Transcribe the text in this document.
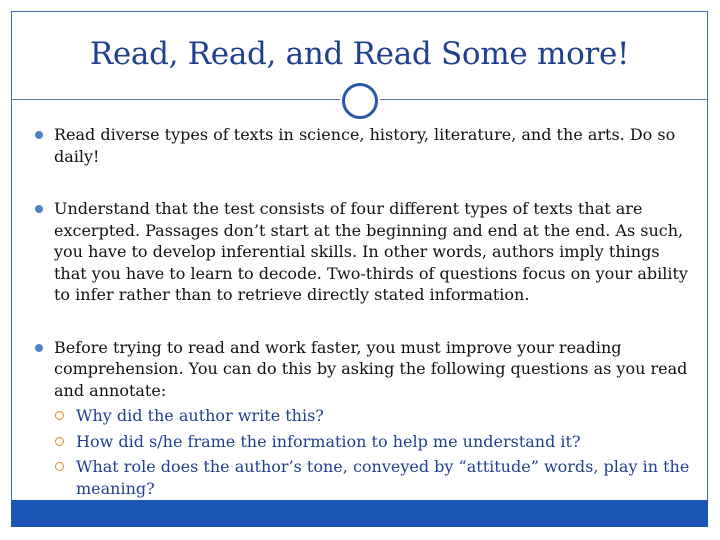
Read, Read, and Read Some more!
Read diverse types of texts in science, history, literature, and the arts. Do so daily!
Understand that the test consists of four different types of texts that are excerpted. Passages don’t start at the beginning and end at the end. As such, you have to develop inferential skills. In other words, authors imply things that you have to learn to decode. Two-thirds of questions focus on your ability to infer rather than to retrieve directly stated information.
Before trying to read and work faster, you must improve your reading comprehension. You can do this by asking the following questions as you read and annotate:
Why did the author write this?
How did s/he frame the information to help me understand it?
What role does the author’s tone, conveyed by “attitude” words, play in the meaning?
